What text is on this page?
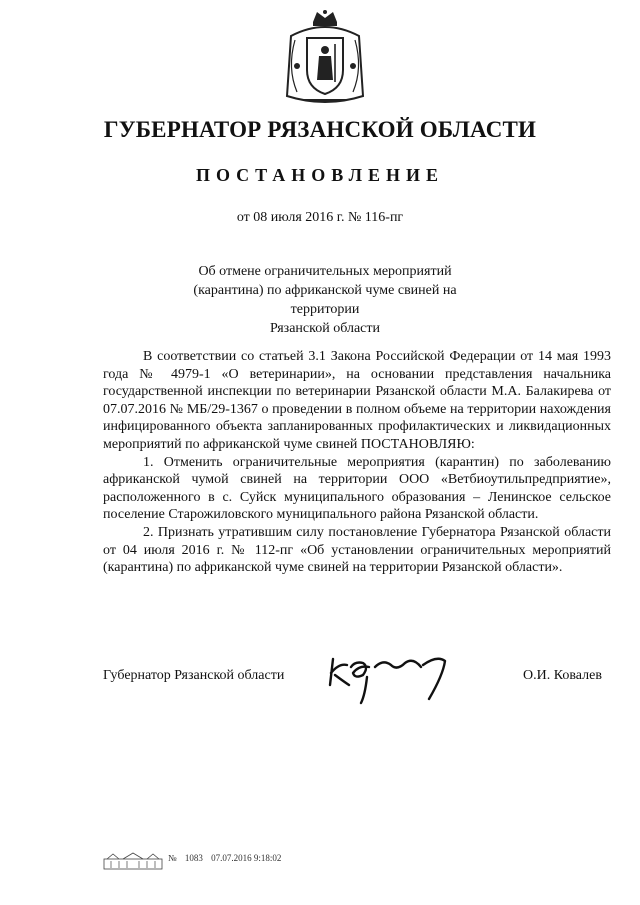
ГУБЕРНАТОР РЯЗАНСКОЙ ОБЛАСТИ
ПОСТАНОВЛЕНИЕ
от 08 июля 2016 г. № 116-пг
Об отмене ограничительных мероприятий
(карантина) по африканской чуме свиней на территории
Рязанской области

В соответствии со статьей 3.1 Закона Российской Федерации от 14 мая 1993 года № 4979-1 «О ветеринарии», на основании представления начальника государственной инспекции по ветеринарии Рязанской области М.А. Балакирева от 07.07.2016 № МБ/29-1367 о проведении в полном объеме на территории нахождения инфицированного объекта запланированных профилактических и ликвидационных мероприятий по африканской чуме свиней ПОСТАНОВЛЯЮ:

1. Отменить ограничительные мероприятия (карантин) по заболеванию африканской чумой свиней на территории ООО «Ветбиоутильпредприятие», расположенного в с. Суйск муниципального образования – Ленинское сельское поселение Старожиловского муниципального района Рязанской области.

2. Признать утратившим силу постановление Губернатора Рязанской области от 04 июля 2016 г. № 112-пг «Об установлении ограничительных мероприятий (карантина) по африканской чуме свиней на территории Рязанской области».

Губернатор Рязанской области	О.И. Ковалев
№ 1083 07.07.2016 9:18:02
